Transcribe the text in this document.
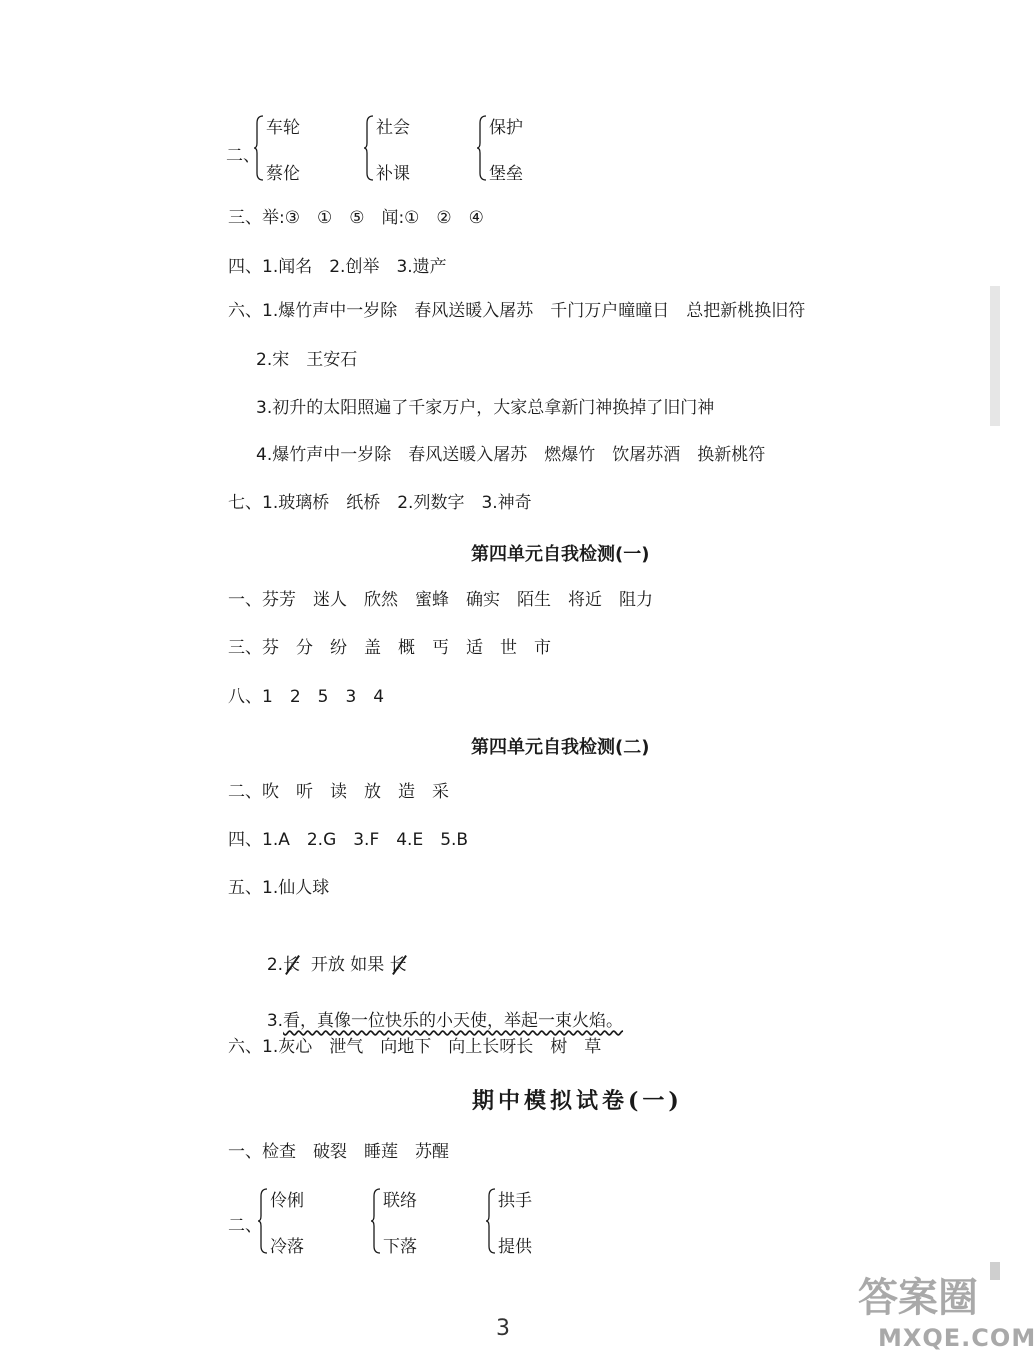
二、
车轮
蔡伦
社会
补课
保护
堡垒
三、举:③　①　⑤　闻:①　②　④
四、1.闻名　2.创举　3.遗产
六、1.爆竹声中一岁除　春风送暖入屠苏　千门万户曈曈日　总把新桃换旧符
2.宋　王安石
3.初升的太阳照遍了千家万户，大家总拿新门神换掉了旧门神
4.爆竹声中一岁除　春风送暖入屠苏　燃爆竹　饮屠苏酒　换新桃符
七、1.玻璃桥　纸桥　2.列数字　3.神奇
第四单元自我检测(一)
一、芬芳　迷人　欣然　蜜蜂　确实　陌生　将近　阻力
三、芬　分　纷　盖　概　丐　适　世　市
八、1　2　5　3　4
第四单元自我检测(二)
二、吹　听　读　放　造　采
四、1.A　2.G　3.F　4.E　5.B
五、1.仙人球

2.长 开放 如果 长

3.看，真像一位快乐的小天使，举起一束火焰。

六、1.灰心　泄气　向地下　向上长呀长　树　草
期中模拟试卷(一)
一、检查　破裂　睡莲　苏醒
二、
伶俐
冷落
联络
下落
拱手
提供
3
答案圈
MXQE.COM
